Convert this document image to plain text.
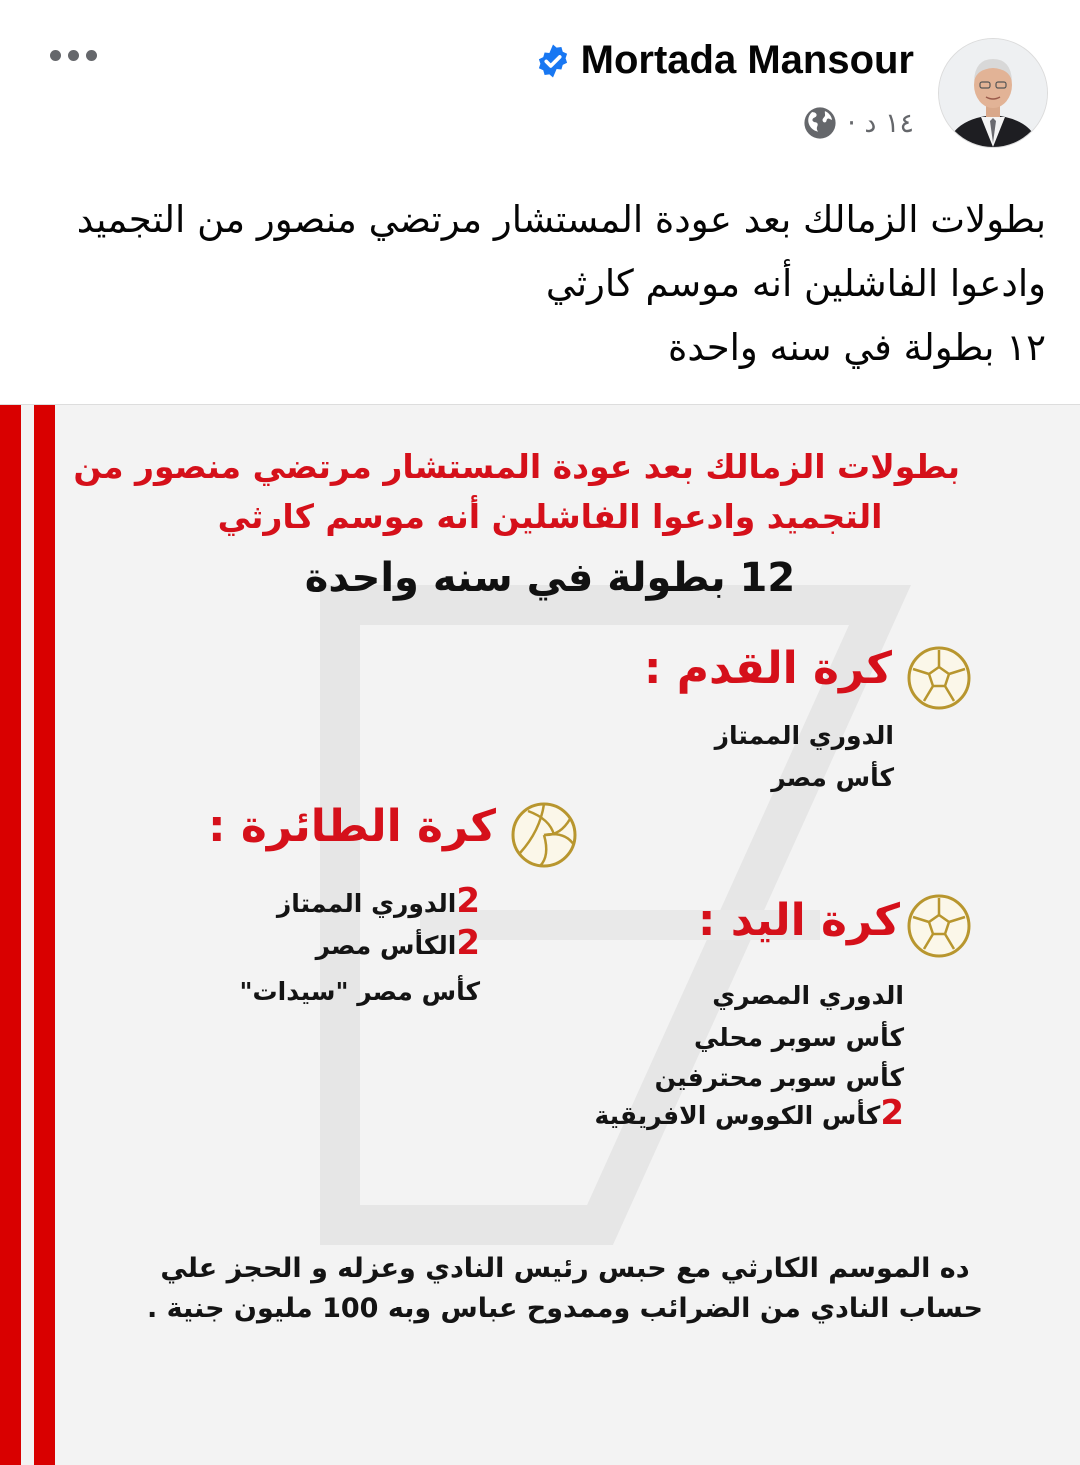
Mortada Mansour
١٤ د ·
بطولات الزمالك بعد عودة المستشار مرتضي منصور من التجميد
وادعوا الفاشلين أنه موسم كارثي
١٢ بطولة في سنه واحدة
بطولات الزمالك بعد عودة المستشار مرتضي منصور من
التجميد وادعوا الفاشلين أنه موسم كارثي
12 بطولة في سنه واحدة
كرة القدم :
الدوري الممتاز
كأس مصر
كرة الطائرة :
2الدوري الممتاز
2الكأس مصر
كأس مصر "سيدات"
كرة اليد :
الدوري المصري
كأس سوبر محلي
كأس سوبر محترفين
2كأس الكووس الافريقية
ده الموسم الكارثي مع حبس رئيس النادي وعزله و الحجز علي
حساب النادي من الضرائب وممدوح عباس وبه 100 مليون جنية .
